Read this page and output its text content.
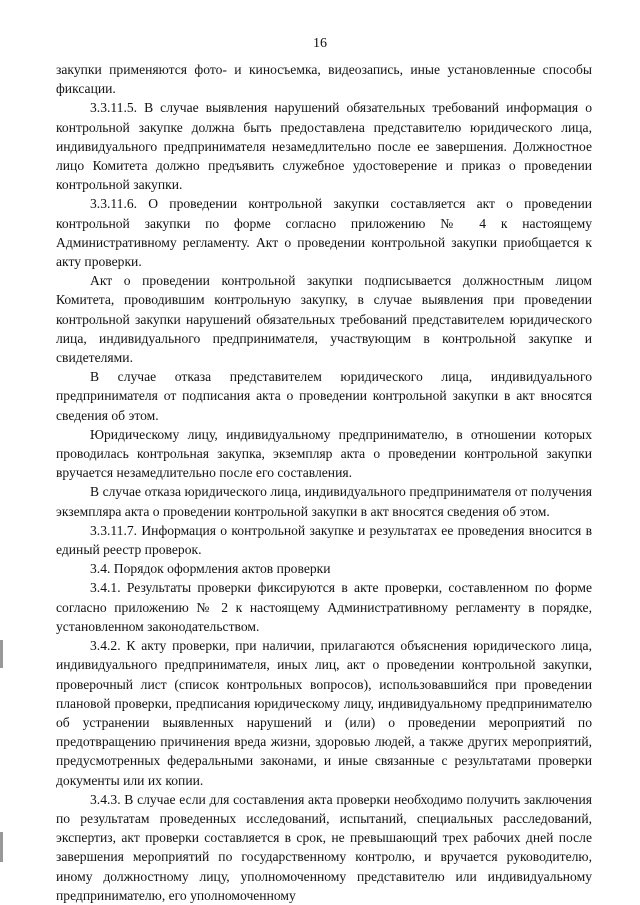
16

закупки применяются фото- и киносъемка, видеозапись, иные установленные способы фиксации.

3.3.11.5. В случае выявления нарушений обязательных требований информация о контрольной закупке должна быть предоставлена представителю юридического лица, индивидуального предпринимателя незамедлительно после ее завершения. Должностное лицо Комитета должно предъявить служебное удостоверение и приказ о проведении контрольной закупки.

3.3.11.6. О проведении контрольной закупки составляется акт о проведении контрольной закупки по форме согласно приложению № 4 к настоящему Административному регламенту. Акт о проведении контрольной закупки приобщается к акту проверки.

Акт о проведении контрольной закупки подписывается должностным лицом Комитета, проводившим контрольную закупку, в случае выявления при проведении контрольной закупки нарушений обязательных требований представителем юридического лица, индивидуального предпринимателя, участвующим в контрольной закупке и свидетелями.

В случае отказа представителем юридического лица, индивидуального предпринимателя от подписания акта о проведении контрольной закупки в акт вносятся сведения об этом.

Юридическому лицу, индивидуальному предпринимателю, в отношении которых проводилась контрольная закупка, экземпляр акта о проведении контрольной закупки вручается незамедлительно после его составления.

В случае отказа юридического лица, индивидуального предпринимателя от получения экземпляра акта о проведении контрольной закупки в акт вносятся сведения об этом.

3.3.11.7. Информация о контрольной закупке и результатах ее проведения вносится в единый реестр проверок.

3.4. Порядок оформления актов проверки

3.4.1. Результаты проверки фиксируются в акте проверки, составленном по форме согласно приложению № 2 к настоящему Административному регламенту в порядке, установленном законодательством.

3.4.2. К акту проверки, при наличии, прилагаются объяснения юридического лица, индивидуального предпринимателя, иных лиц, акт о проведении контрольной закупки, проверочный лист (список контрольных вопросов), использовавшийся при проведении плановой проверки, предписания юридическому лицу, индивидуальному предпринимателю об устранении выявленных нарушений и (или) о проведении мероприятий по предотвращению причинения вреда жизни, здоровью людей, а также других мероприятий, предусмотренных федеральными законами, и иные связанные с результатами проверки документы или их копии.

3.4.3. В случае если для составления акта проверки необходимо получить заключения по результатам проведенных исследований, испытаний, специальных расследований, экспертиз, акт проверки составляется в срок, не превышающий трех рабочих дней после завершения мероприятий по государственному контролю, и вручается руководителю, иному должностному лицу, уполномоченному представителю или индивидуальному предпринимателю, его уполномоченному
